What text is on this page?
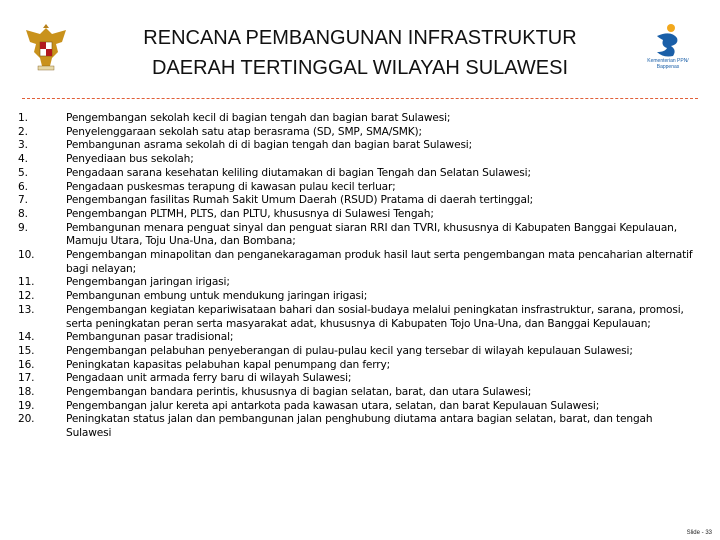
RENCANA PEMBANGUNAN INFRASTRUKTUR
DAERAH TERTINGGAL WILAYAH SULAWESI	Kementerian PPN/
Bappenas
1.	Pengembangan sekolah kecil di bagian tengah dan bagian barat Sulawesi;
2.	Penyelenggaraan sekolah satu atap berasrama (SD, SMP, SMA/SMK);
3.	Pembangunan asrama sekolah di di bagian tengah dan bagian barat Sulawesi;
4.	Penyediaan bus sekolah;
5.	Pengadaan sarana kesehatan keliling diutamakan di bagian Tengah dan Selatan Sulawesi;
6.	Pengadaan puskesmas terapung di kawasan pulau kecil terluar;
7.	Pengembangan fasilitas Rumah Sakit Umum Daerah (RSUD) Pratama di daerah tertinggal;
8.	Pengembangan PLTMH, PLTS, dan PLTU, khususnya di Sulawesi Tengah;
9.	Pembangunan menara penguat sinyal dan penguat siaran RRI dan TVRI, khususnya di Kabupaten Banggai Kepulauan, Mamuju Utara, Toju Una-Una, dan Bombana;
10.	Pengembangan minapolitan dan penganekaragaman produk hasil laut serta pengembangan mata pencaharian alternatif bagi nelayan;
11.	Pengembangan jaringan irigasi;
12.	Pembangunan embung untuk mendukung jaringan irigasi;
13.	Pengembangan kegiatan kepariwisataan bahari dan sosial-budaya melalui peningkatan insfrastruktur, sarana, promosi, serta peningkatan peran serta masyarakat adat, khususnya di Kabupaten Tojo Una-Una, dan Banggai Kepulauan;
14.	Pembangunan pasar tradisional;
15.	Pengembangan pelabuhan penyeberangan di pulau-pulau kecil yang tersebar di wilayah kepulauan Sulawesi;
16.	Peningkatan kapasitas pelabuhan kapal penumpang dan ferry;
17.	Pengadaan unit armada ferry baru di wilayah Sulawesi;
18.	Pengembangan bandara perintis, khususnya di bagian selatan, barat, dan utara Sulawesi;
19.	Pengembangan jalur kereta api antarkota pada kawasan utara, selatan, dan barat Kepulauan Sulawesi;
20.	Peningkatan status jalan dan pembangunan jalan penghubung diutama antara bagian selatan, barat, dan tengah Sulawesi
Slide - 33
